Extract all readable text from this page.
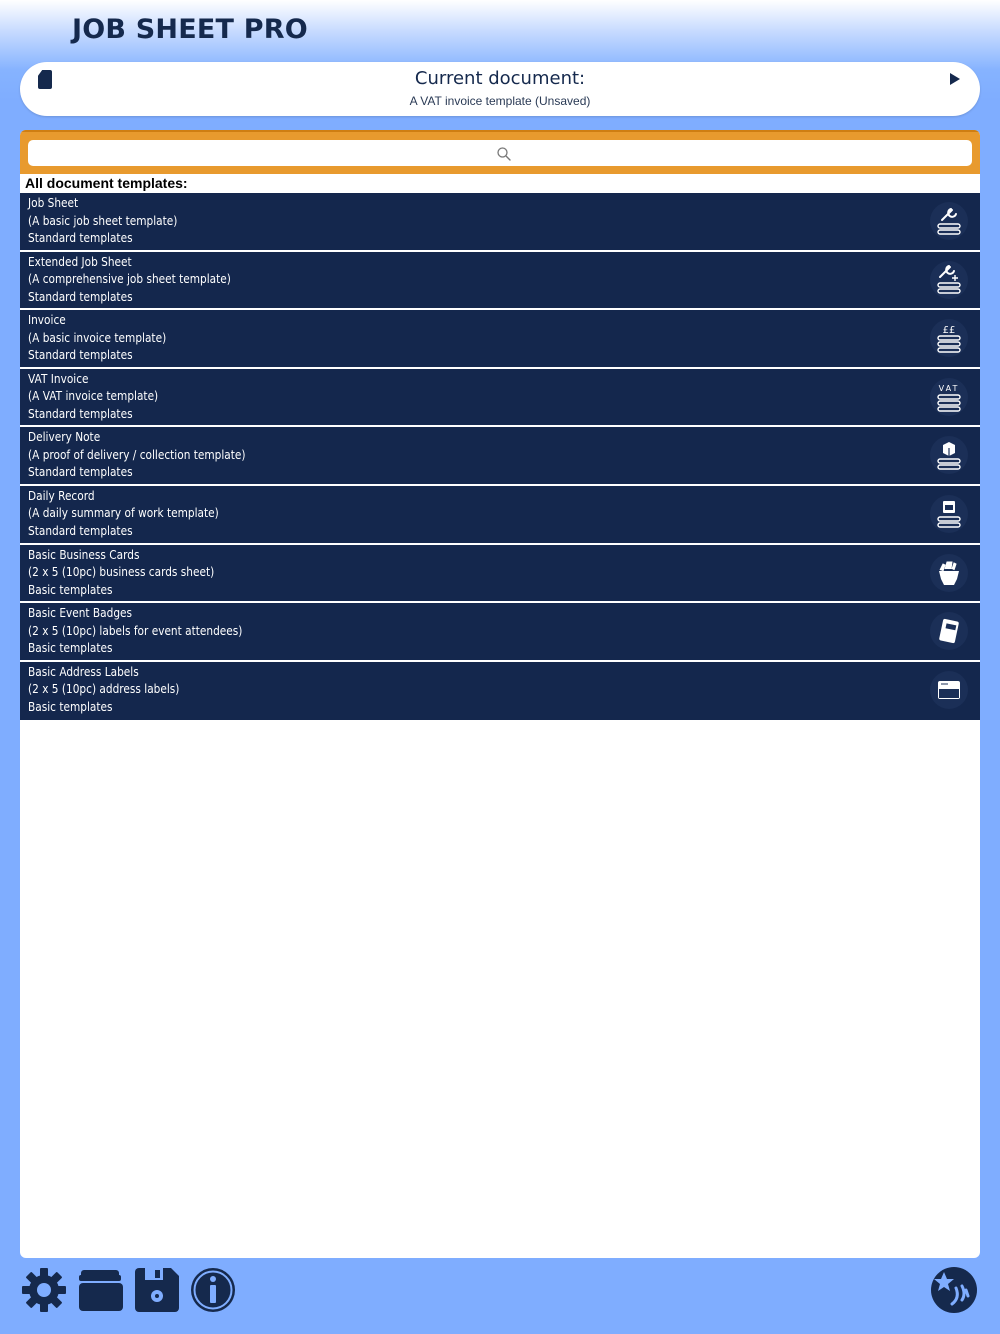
JOB SHEET PRO
Current document:
A VAT invoice template (Unsaved)
All document templates:
Job Sheet
(A basic job sheet template)
Standard templates
Extended Job Sheet
(A comprehensive job sheet template)
Standard templates
Invoice
(A basic invoice template)
Standard templates
££
VAT Invoice
(A VAT invoice template)
Standard templates
VAT
Delivery Note
(A proof of delivery / collection template)
Standard templates
Daily Record
(A daily summary of work template)
Standard templates
Basic Business Cards
(2 x 5 (10pc) business cards sheet)
Basic templates
Basic Event Badges
(2 x 5 (10pc) labels for event attendees)
Basic templates
Basic Address Labels
(2 x 5 (10pc) address labels)
Basic templates
